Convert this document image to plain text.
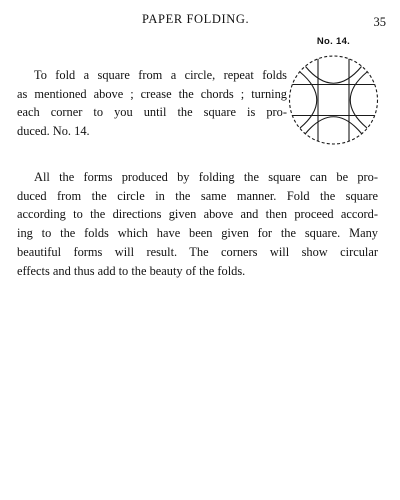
PAPER FOLDING.	35
No. 14.
To fold a square from a circle, repeat folds
as mentioned above ; crease the chords ; turning
each corner to you until the square is pro-
duced. No. 14.
All the forms produced by folding the square can be pro-
duced from the circle in the same manner. Fold the square
according to the directions given above and then proceed accord-
ing to the folds which have been given for the square. Many
beautiful forms will result. The corners will show circular
effects and thus add to the beauty of the folds.
